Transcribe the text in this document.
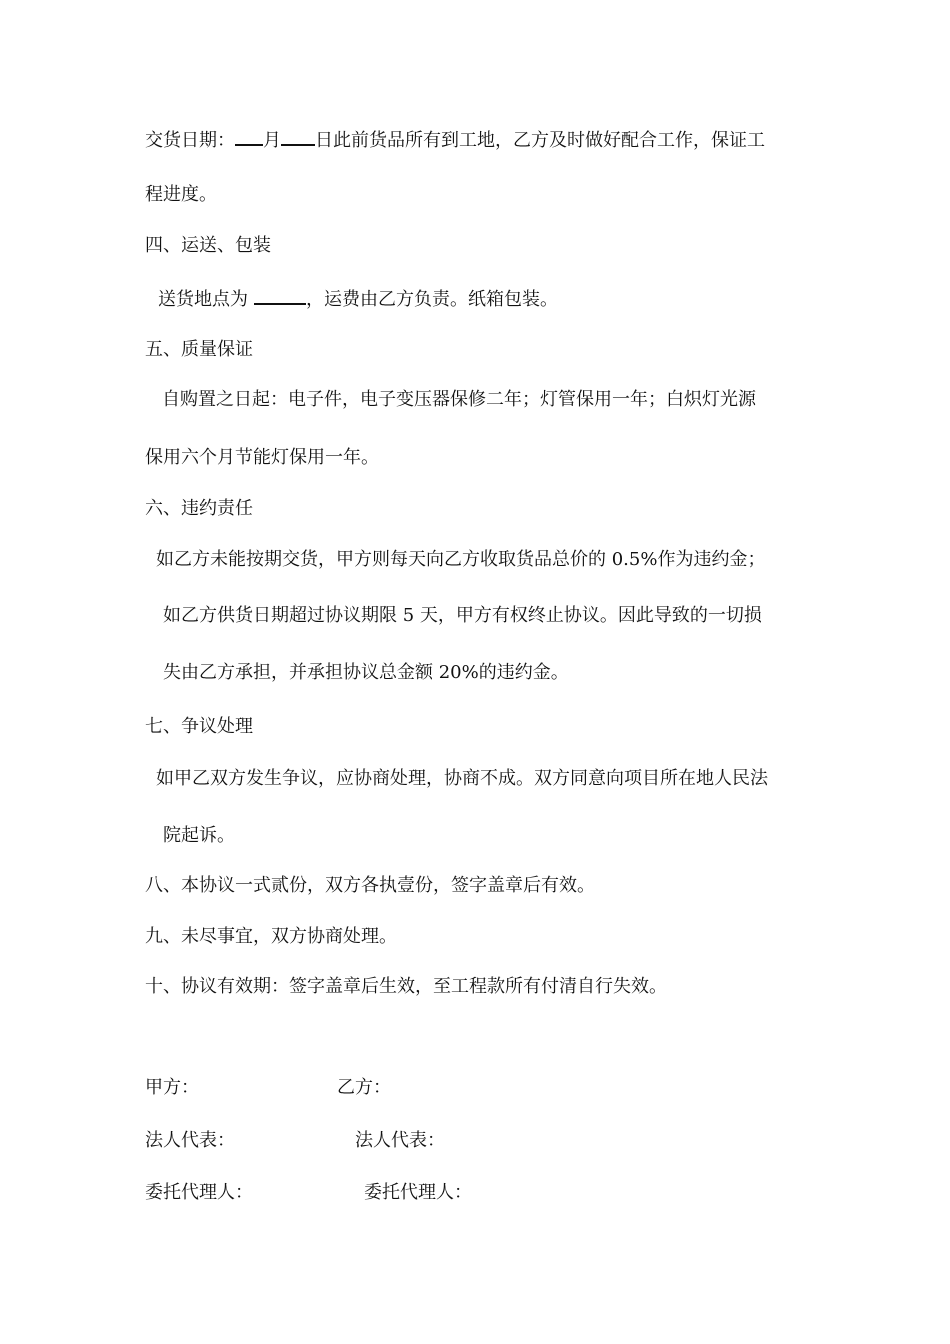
交货日期： 月 日此前货品所有到工地，乙方及时做好配合工作，保证工
程进度。
四、运送、包装
送货地点为	，运费由乙方负责。纸箱包装。
五、质量保证
自购置之日起：电子件，电子变压器保修二年；灯管保用一年；白炽灯光源
保用六个月节能灯保用一年。
六、违约责任
如乙方未能按期交货，甲方则每天向乙方收取货品总价的 0.5%作为违约金；
如乙方供货日期超过协议期限 5 天，甲方有权终止协议。因此导致的一切损
失由乙方承担，并承担协议总金额 20%的违约金。
七、争议处理
如甲乙双方发生争议，应协商处理，协商不成。双方同意向项目所在地人民法
院起诉。
八、本协议一式贰份，双方各执壹份，签字盖章后有效。
九、未尽事宜，双方协商处理。
十、协议有效期：签字盖章后生效，至工程款所有付清自行失效。
甲方：	乙方：
法人代表：	法人代表：
委托代理人：	委托代理人：
